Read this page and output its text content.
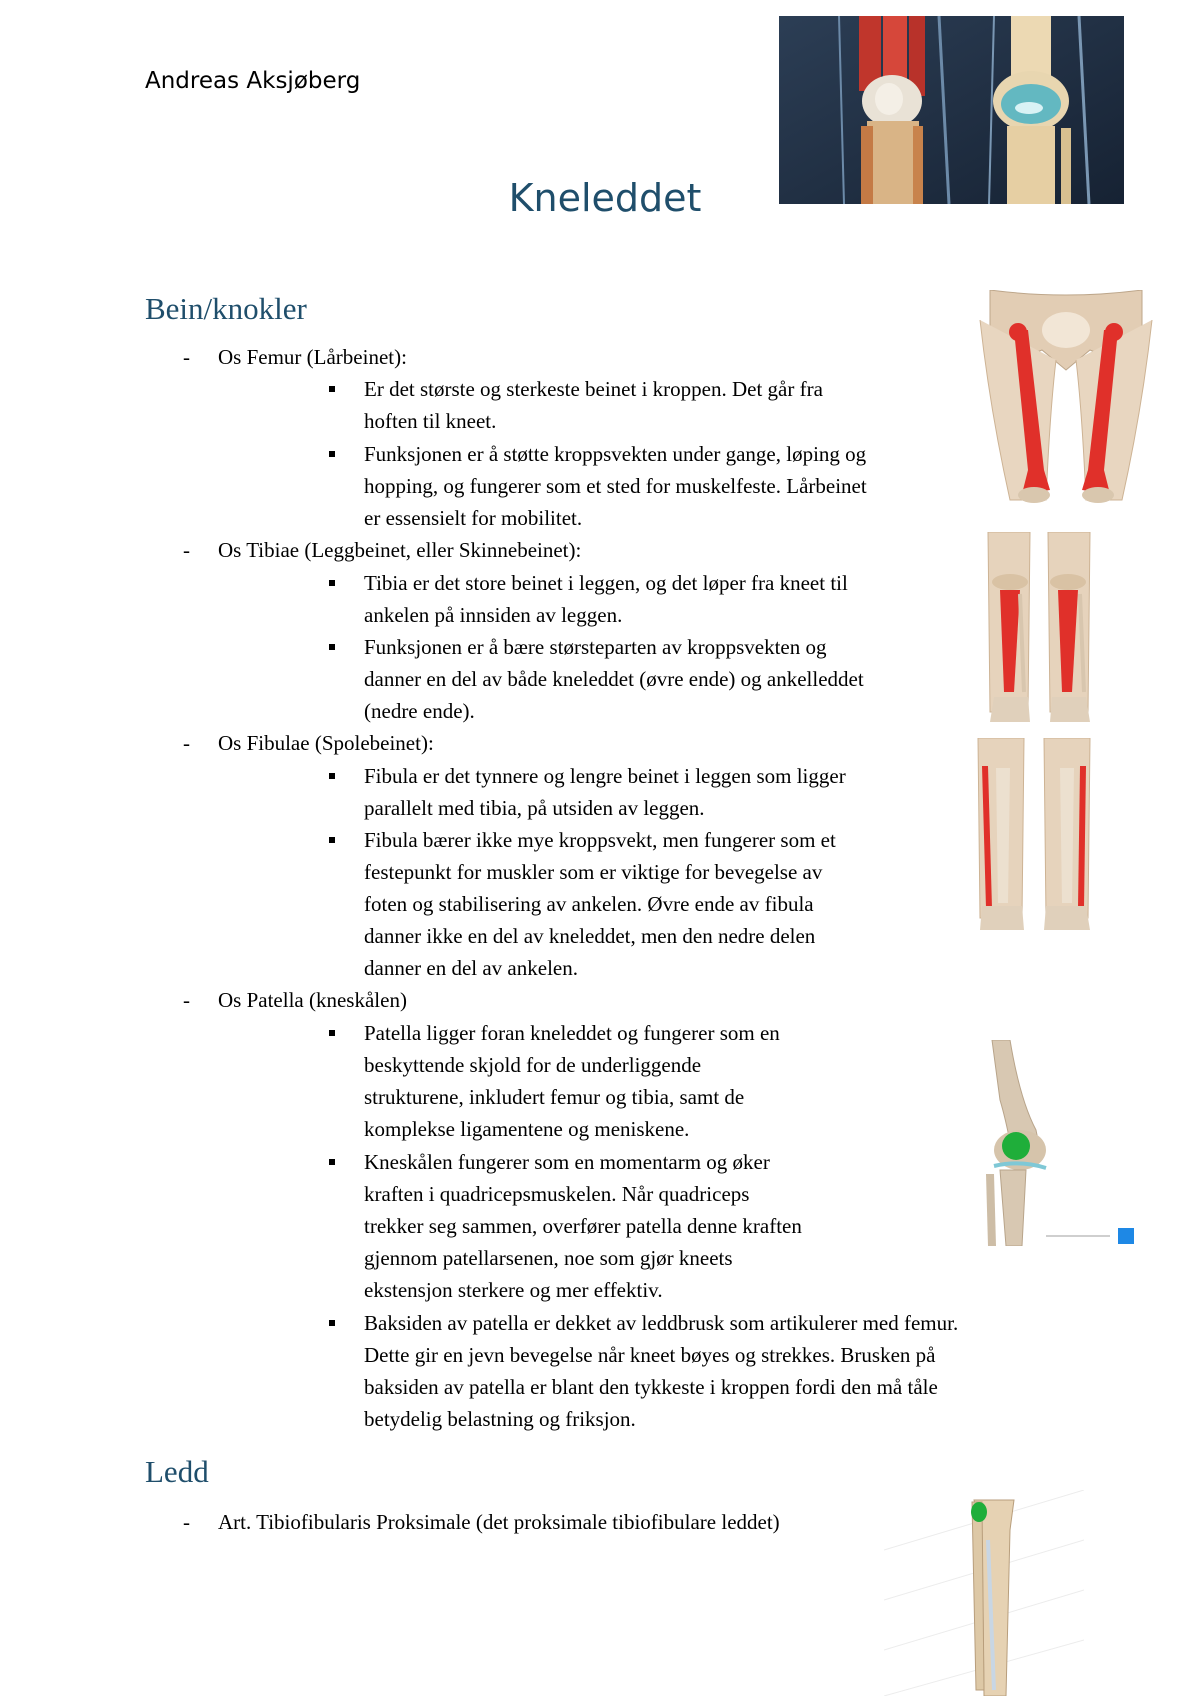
Andreas Aksjøberg
Kneleddet
Bein/knokler
- Os Femur (Lårbeinet):
Er det største og sterkeste beinet i kroppen. Det går fra
hoften til kneet.
Funksjonen er å støtte kroppsvekten under gange, løping og
hopping, og fungerer som et sted for muskelfeste. Lårbeinet
er essensielt for mobilitet.
- Os Tibiae (Leggbeinet, eller Skinnebeinet):
Tibia er det store beinet i leggen, og det løper fra kneet til
ankelen på innsiden av leggen.
Funksjonen er å bære størsteparten av kroppsvekten og
danner en del av både kneleddet (øvre ende) og ankelleddet
(nedre ende).
- Os Fibulae (Spolebeinet):
Fibula er det tynnere og lengre beinet i leggen som ligger
parallelt med tibia, på utsiden av leggen.
Fibula bærer ikke mye kroppsvekt, men fungerer som et
festepunkt for muskler som er viktige for bevegelse av
foten og stabilisering av ankelen. Øvre ende av fibula
danner ikke en del av kneleddet, men den nedre delen
danner en del av ankelen.
- Os Patella (kneskålen)
Patella ligger foran kneleddet og fungerer som en
beskyttende skjold for de underliggende
strukturene, inkludert femur og tibia, samt de
komplekse ligamentene og meniskene.
Kneskålen fungerer som en momentarm og øker
kraften i quadricepsmuskelen. Når quadriceps
trekker seg sammen, overfører patella denne kraften
gjennom patellarsenen, noe som gjør kneets
ekstensjon sterkere og mer effektiv.
Baksiden av patella er dekket av leddbrusk som artikulerer med femur.
Dette gir en jevn bevegelse når kneet bøyes og strekkes. Brusken på
baksiden av patella er blant den tykkeste i kroppen fordi den må tåle
betydelig belastning og friksjon.
Ledd
- Art. Tibiofibularis Proksimale (det proksimale tibiofibulare leddet)
